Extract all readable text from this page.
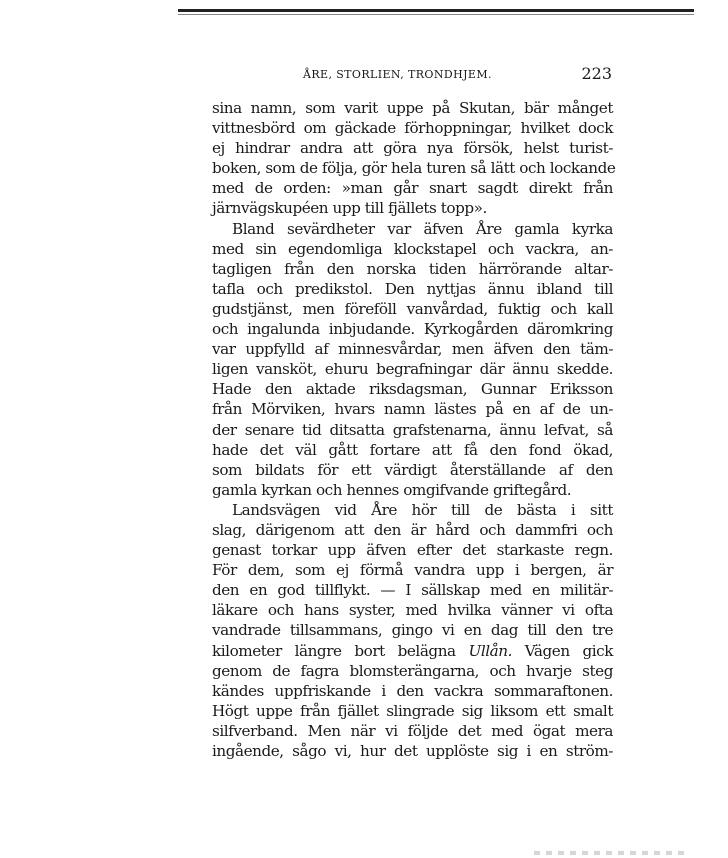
ÅRE, STORLIEN, TRONDHJEM.	223
sina namn, som varit uppe på Skutan, bär månget
vittnesbörd om gäckade förhoppningar, hvilket dock
ej hindrar andra att göra nya försök, helst turist-
boken, som de följa, gör hela turen så lätt och lockande
med de orden: »man går snart sagdt direkt från
järnvägskupéen upp till fjällets topp».
Bland sevärdheter var äfven Åre gamla kyrka
med sin egendomliga klockstapel och vackra, an-
tagligen från den norska tiden härrörande altar-
tafla och predikstol. Den nyttjas ännu ibland till
gudstjänst, men föreföll vanvårdad, fuktig och kall
och ingalunda inbjudande. Kyrkogården däromkring
var uppfylld af minnesvårdar, men äfven den täm-
ligen vansköt, ehuru begrafningar där ännu skedde.
Hade den aktade riksdagsman, Gunnar Eriksson
från Mörviken, hvars namn lästes på en af de un-
der senare tid ditsatta grafstenarna, ännu lefvat, så
hade det väl gått fortare att få den fond ökad,
som bildats för ett värdigt återställande af den
gamla kyrkan och hennes omgifvande griftegård.
Landsvägen vid Åre hör till de bästa i sitt
slag, därigenom att den är hård och dammfri och
genast torkar upp äfven efter det starkaste regn.
För dem, som ej förmå vandra upp i bergen, är
den en god tillflykt. — I sällskap med en militär-
läkare och hans syster, med hvilka vänner vi ofta
vandrade tillsammans, gingo vi en dag till den tre
kilometer längre bort belägna Ullån. Vägen gick
genom de fagra blomsterängarna, och hvarje steg
kändes uppfriskande i den vackra sommaraftonen.
Högt uppe från fjället slingrade sig liksom ett smalt
silfverband. Men när vi följde det med ögat mera
ingående, sågo vi, hur det upplöste sig i en ström-
